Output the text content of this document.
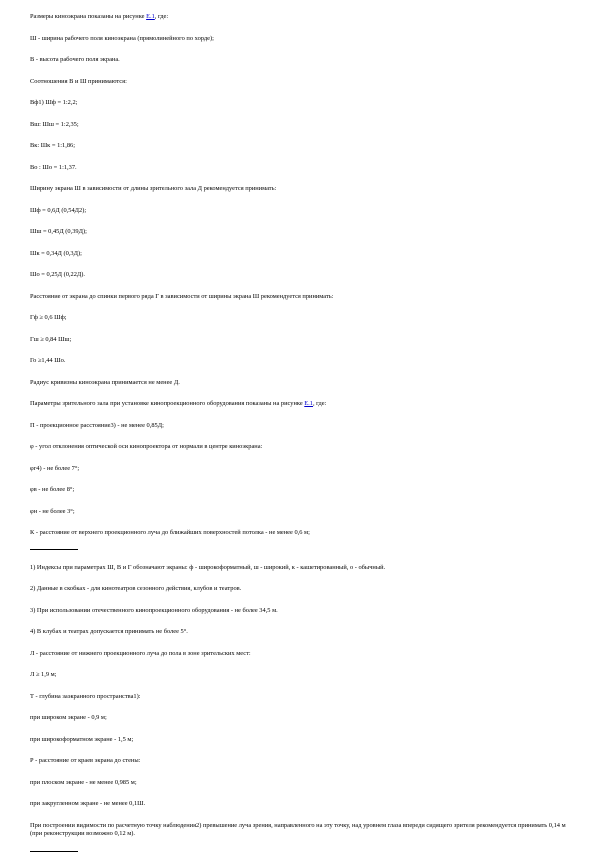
Размеры киноэкрана показаны на рисунке Е.1, где:

Ш - ширина рабочего поля киноэкрана (прямолинейного по хорде);

В - высота рабочего поля экрана.

Соотношения В и Ш принимаются:

Вф1) Шф = 1:2,2;

Вш: Шш = 1:2,35;

Вк: Шк = 1:1,86;

Во : Шо = 1:1,37.

Ширину экрана Ш в зависимости от длины зрительного зала Д рекомендуется принимать:

Шф = 0,6Д (0,54Д2);

Шш = 0,45Д (0,39Д);

Шк = 0,34Д (0,3Д);

Шо = 0,25Д (0,22Д).

Расстояние от экрана до спинки первого ряда Г в зависимости от ширины экрана Ш рекомендуется принимать:

Гф ≥ 0,6 Шф;

Гш ≥ 0,84 Шш;

Го ≥1,44 Шо.

Радиус кривизны киноэкрана принимается не менее Д.

Параметры зрительного зала при установке кинопроекционного оборудования показаны на рисунке Е.1, где:

П - проекционное расстояние3) - не менее 0,85Д;

φ - угол отклонения оптической оси кинопроектора от нормали в центре киноэкрана:

φг4) - не более 7°;

φв - не более 8°;

φн - не более 3°;

К - расстояние от верхнего проекционного луча до ближайших поверхностей потолка - не менее 0,6 м;

1) Индексы при параметрах Ш, В и Г обозначают экраны: ф - широкоформатный, ш - широкий, к - кашетированный, о - обычный.

2) Данные в скобках - для кинотеатров сезонного действия, клубов и театров.

3) При использовании отечественного кинопроекционного оборудования - не более 34,5 м.

4) В клубах и театрах допускается принимать не более 5°.

Л - расстояние от нижнего проекционного луча до пола в зоне зрительских мест:

Л ≥ 1,9 м;

Т - глубина заэкранного пространства1):

при широком экране - 0,9 м;

при широкоформатном экране - 1,5 м;

Р - расстояние от краев экрана до стены:

при плоском экране - не менее 0,985 м;

при закругленном экране - не менее 0,1Ш.

При построении видимости по расчетную точку наблюдения2) превышение луча зрения, направленного на эту точку, над уровнем глаза впереди сидящего зрителя рекомендуется принимать 0,14 м (при реконструкции возможно 0,12 м).
